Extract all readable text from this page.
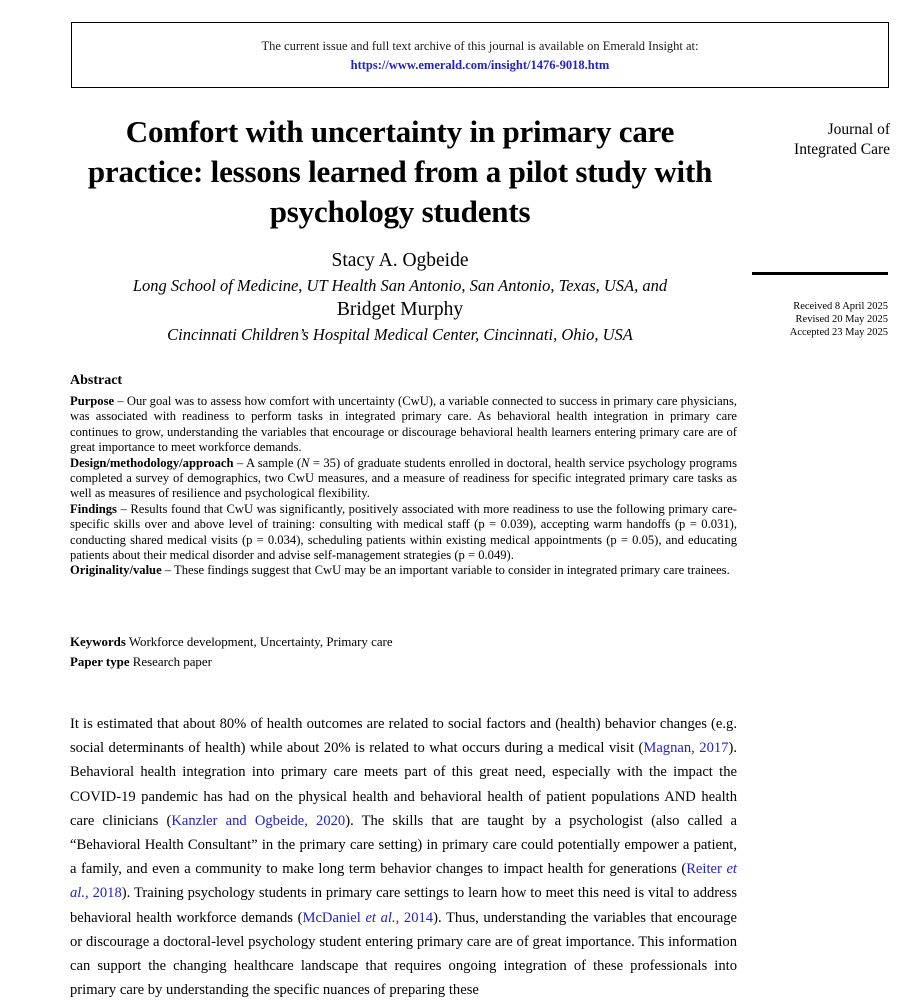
The current issue and full text archive of this journal is available on Emerald Insight at:
https://www.emerald.com/insight/1476-9018.htm
Comfort with uncertainty in primary care practice: lessons learned from a pilot study with psychology students
Stacy A. Ogbeide
Long School of Medicine, UT Health San Antonio, San Antonio, Texas, USA, and
Bridget Murphy
Cincinnati Children’s Hospital Medical Center, Cincinnati, Ohio, USA
Journal of
Integrated Care
Received 8 April 2025
Revised 20 May 2025
Accepted 23 May 2025
Abstract

Purpose – Our goal was to assess how comfort with uncertainty (CwU), a variable connected to success in primary care physicians, was associated with readiness to perform tasks in integrated primary care. As behavioral health integration in primary care continues to grow, understanding the variables that encourage or discourage behavioral health learners entering primary care are of great importance to meet workforce demands.

Design/methodology/approach – A sample (N = 35) of graduate students enrolled in doctoral, health service psychology programs completed a survey of demographics, two CwU measures, and a measure of readiness for specific integrated primary care tasks as well as measures of resilience and psychological flexibility.

Findings – Results found that CwU was significantly, positively associated with more readiness to use the following primary care-specific skills over and above level of training: consulting with medical staff (p = 0.039), accepting warm handoffs (p = 0.031), conducting shared medical visits (p = 0.034), scheduling patients within existing medical appointments (p = 0.05), and educating patients about their medical disorder and advise self-management strategies (p = 0.049).

Originality/value – These findings suggest that CwU may be an important variable to consider in integrated primary care trainees.

Keywords Workforce development, Uncertainty, Primary care
Paper type Research paper
It is estimated that about 80% of health outcomes are related to social factors and (health) behavior changes (e.g. social determinants of health) while about 20% is related to what occurs during a medical visit (Magnan, 2017). Behavioral health integration into primary care meets part of this great need, especially with the impact the COVID-19 pandemic has had on the physical health and behavioral health of patient populations AND health care clinicians (Kanzler and Ogbeide, 2020). The skills that are taught by a psychologist (also called a “Behavioral Health Consultant” in the primary care setting) in primary care could potentially empower a patient, a family, and even a community to make long term behavior changes to impact health for generations (Reiter et al., 2018). Training psychology students in primary care settings to learn how to meet this need is vital to address behavioral health workforce demands (McDaniel et al., 2014). Thus, understanding the variables that encourage or discourage a doctoral-level psychology student entering primary care are of great importance. This information can support the changing healthcare landscape that requires ongoing integration of these professionals into primary care by understanding the specific nuances of preparing these
